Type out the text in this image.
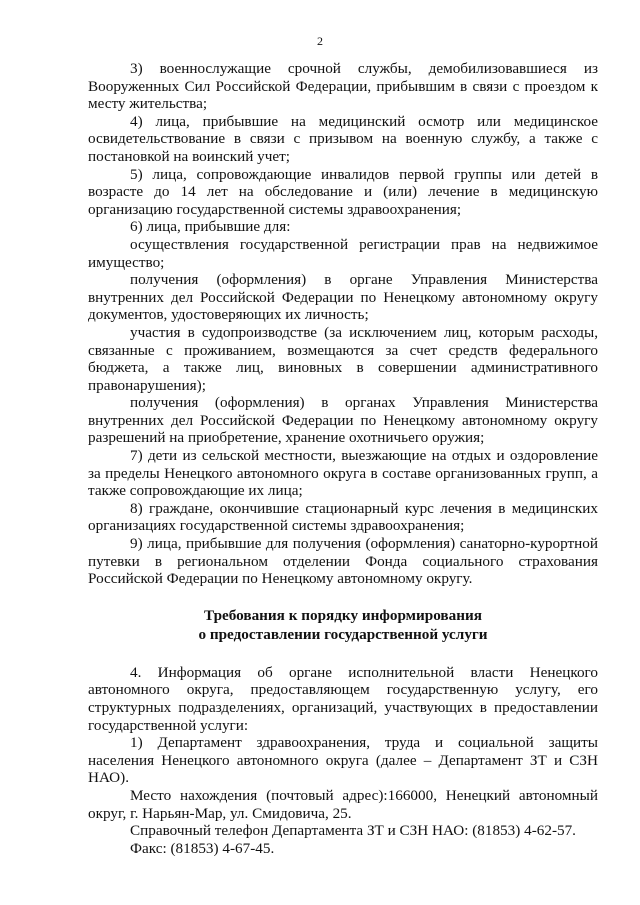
2

3) военнослужащие срочной службы, демобилизовавшиеся из Вооруженных Сил Российской Федерации, прибывшим в связи с проездом к месту жительства;

4) лица, прибывшие на медицинский осмотр или медицинское освидетельствование в связи с призывом на военную службу, а также с постановкой на воинский учет;

5) лица, сопровождающие инвалидов первой группы или детей в возрасте до 14 лет на обследование и (или) лечение в медицинскую организацию государственной системы здравоохранения;

6) лица, прибывшие для:

осуществления государственной регистрации прав на недвижимое имущество;

получения (оформления) в органе Управления Министерства внутренних дел Российской Федерации по Ненецкому автономному округу документов, удостоверяющих их личность;

участия в судопроизводстве (за исключением лиц, которым расходы, связанные с проживанием, возмещаются за счет средств федерального бюджета, а также лиц, виновных в совершении административного правонарушения);

получения (оформления) в органах Управления Министерства внутренних дел Российской Федерации по Ненецкому автономному округу разрешений на приобретение, хранение охотничьего оружия;

7) дети из сельской местности, выезжающие на отдых и оздоровление за пределы Ненецкого автономного округа в составе организованных групп, а также сопровождающие их лица;

8) граждане, окончившие стационарный курс лечения в медицинских организациях государственной системы здравоохранения;

9) лица, прибывшие для получения (оформления) санаторно-курортной путевки в региональном отделении Фонда социального страхования Российской Федерации по Ненецкому автономному округу.

Требования к порядку информирования
о предоставлении государственной услуги

4. Информация об органе исполнительной власти Ненецкого автономного округа, предоставляющем государственную услугу, его структурных подразделениях, организаций, участвующих в предоставлении государственной услуги:

1) Департамент здравоохранения, труда и социальной защиты населения Ненецкого автономного округа (далее – Департамент ЗТ и СЗН НАО).

Место нахождения (почтовый адрес):166000, Ненецкий автономный округ, г. Нарьян-Мар, ул. Смидовича, 25.

Справочный телефон Департамента ЗТ и СЗН НАО: (81853) 4-62-57.

Факс: (81853) 4-67-45.
